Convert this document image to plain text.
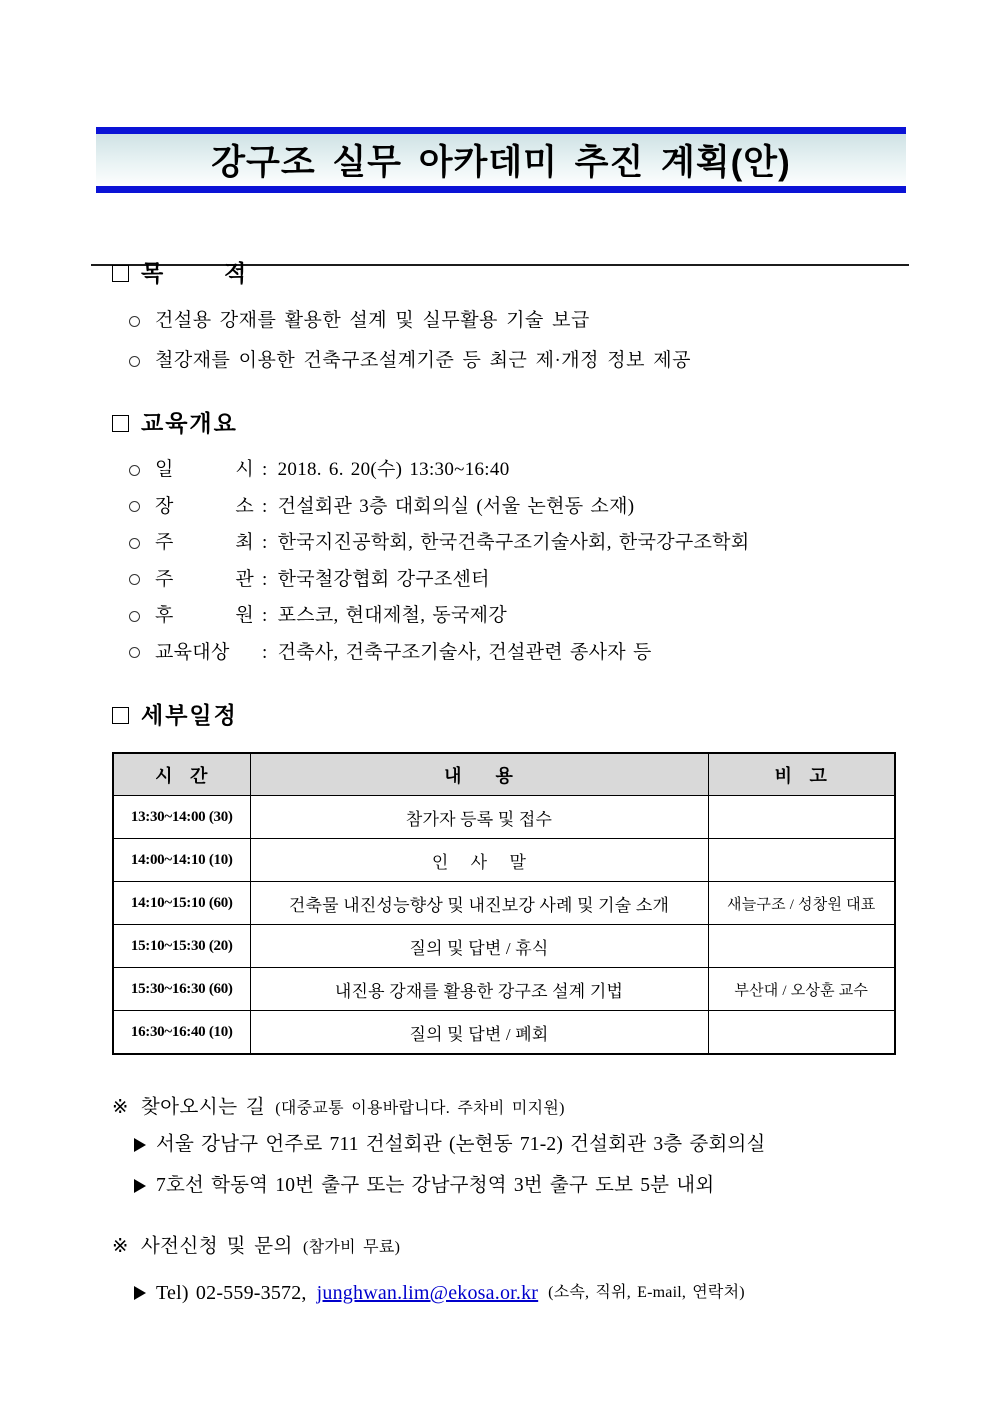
강구조 실무 아카데미 추진 계획(안)
목       적
건설용 강재를 활용한 설계 및 실무활용 기술 보급
철강재를 이용한 건축구조설계기준 등 최근 제·개정 정보 제공
교육개요
일 시 : 2018. 6. 20(수) 13:30~16:40
장 소 : 건설회관 3층 대회의실 (서울 논현동 소재)
주 최 : 한국지진공학회, 한국건축구조기술사회, 한국강구조학회
주 관 : 한국철강협회 강구조센터
후 원 : 포스코, 현대제철, 동국제강
교육대상	: 건축사, 건축구조기술사, 건설관련 종사자 등
세부일정
시   간	내      용	비   고
13:30~14:00 (30)	참가자 등록 및 접수	
14:00~14:10 (10)	인     사     말	
14:10~15:10 (60)	건축물 내진성능향상 및 내진보강 사례 및 기술 소개	새늘구조 / 성창원 대표
15:10~15:30 (20)	질의 및 답변 / 휴식	
15:30~16:30 (60)	내진용 강재를 활용한 강구조 설계 기법	부산대 / 오상훈 교수
16:30~16:40 (10)	질의 및 답변 / 폐회	
※ 찾아오시는 길 (대중교통 이용바랍니다. 주차비 미지원)
서울 강남구 언주로 711 건설회관 (논현동 71-2) 건설회관 3층 중회의실
7호선 학동역 10번 출구 또는 강남구청역 3번 출구 도보 5분 내외
※ 사전신청 및 문의 (참가비 무료)
Tel) 02-559-3572, junghwan.lim@ekosa.or.kr (소속, 직위, E-mail, 연락처)
